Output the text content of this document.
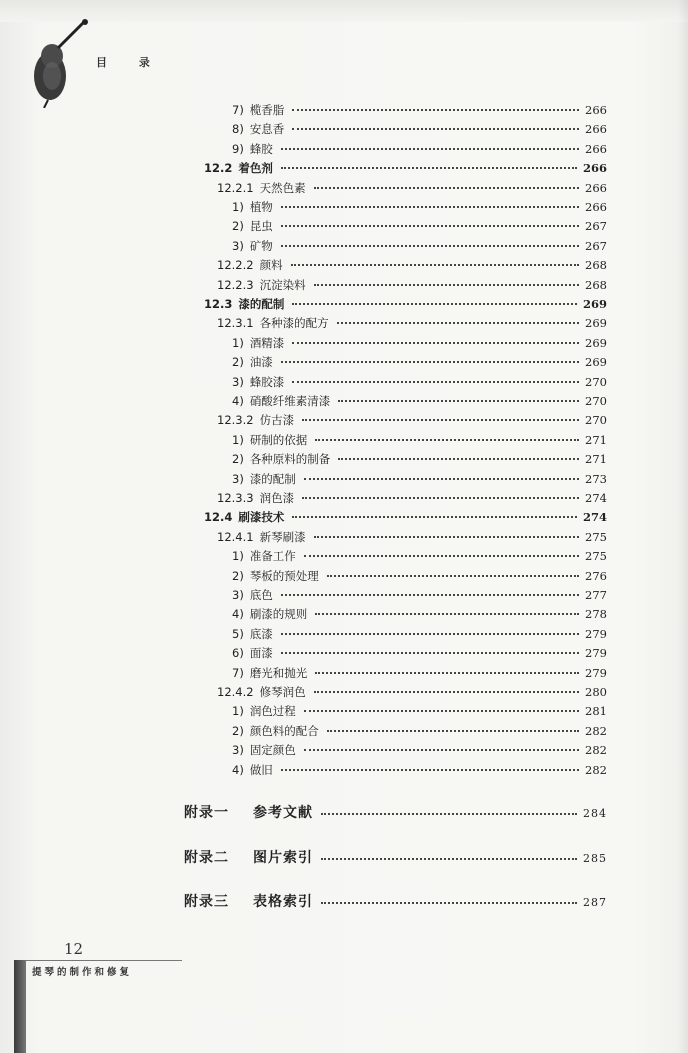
目 录
7) 榄香脂	266
8) 安息香	266
9) 蜂胶	266
12.2 着色剂	266
12.2.1 天然色素	266
1) 植物	266
2) 昆虫	267
3) 矿物	267
12.2.2 颜料	268
12.2.3 沉淀染料	268
12.3 漆的配制	269
12.3.1 各种漆的配方	269
1) 酒精漆	269
2) 油漆	269
3) 蜂胶漆	270
4) 硝酸纤维素清漆	270
12.3.2 仿古漆	270
1) 研制的依据	271
2) 各种原料的制备	271
3) 漆的配制	273
12.3.3 润色漆	274
12.4 刷漆技术	274
12.4.1 新琴刷漆	275
1) 准备工作	275
2) 琴板的预处理	276
3) 底色	277
4) 刷漆的规则	278
5) 底漆	279
6) 面漆	279
7) 磨光和抛光	279
12.4.2 修琴润色	280
1) 润色过程	281
2) 颜色料的配合	282
3) 固定颜色	282
4) 做旧	282
附录一 参考文献	284
附录二 图片索引	285
附录三 表格索引	287
12
提琴的制作和修复
